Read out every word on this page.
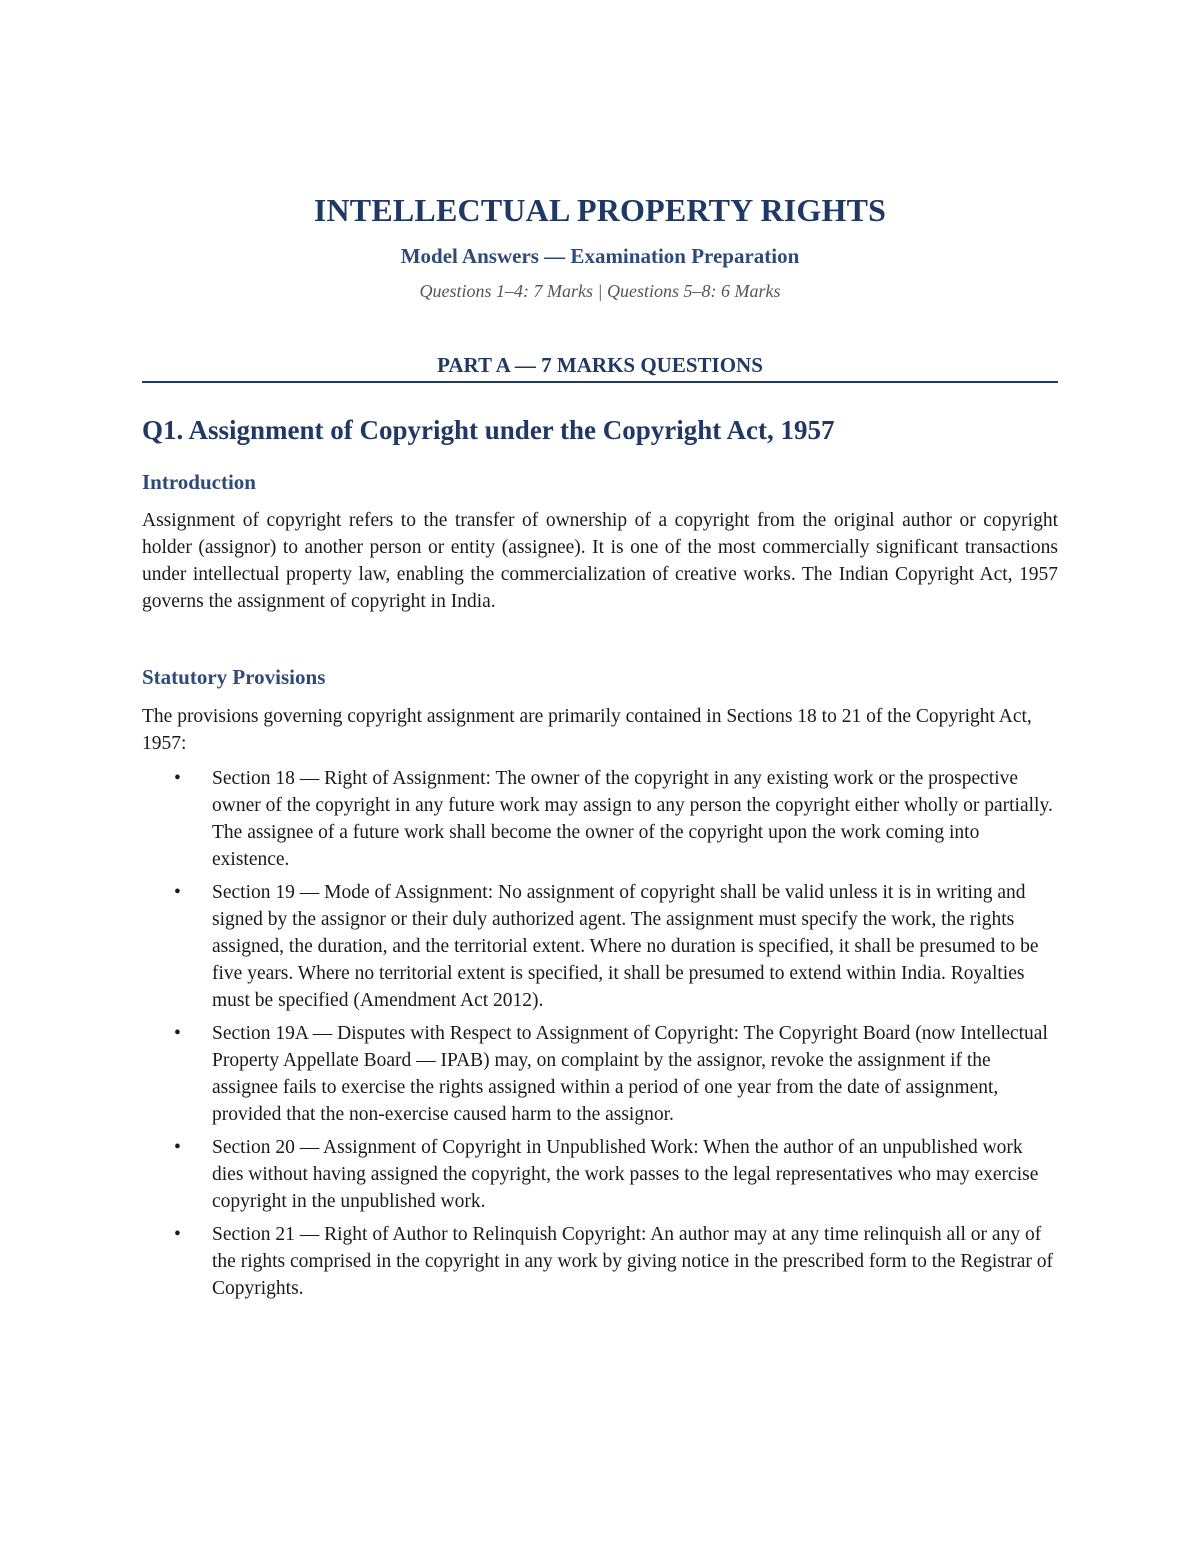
INTELLECTUAL PROPERTY RIGHTS
Model Answers — Examination Preparation
Questions 1–4: 7 Marks | Questions 5–8: 6 Marks
PART A — 7 MARKS QUESTIONS
Q1. Assignment of Copyright under the Copyright Act, 1957
Introduction
Assignment of copyright refers to the transfer of ownership of a copyright from the original author or copyright holder (assignor) to another person or entity (assignee). It is one of the most commercially significant transactions under intellectual property law, enabling the commercialization of creative works. The Indian Copyright Act, 1957 governs the assignment of copyright in India.
Statutory Provisions
The provisions governing copyright assignment are primarily contained in Sections 18 to 21 of the Copyright Act, 1957:
• Section 18 — Right of Assignment: The owner of the copyright in any existing work or the prospective owner of the copyright in any future work may assign to any person the copyright either wholly or partially. The assignee of a future work shall become the owner of the copyright upon the work coming into existence.
• Section 19 — Mode of Assignment: No assignment of copyright shall be valid unless it is in writing and signed by the assignor or their duly authorized agent. The assignment must specify the work, the rights assigned, the duration, and the territorial extent. Where no duration is specified, it shall be presumed to be five years. Where no territorial extent is specified, it shall be presumed to extend within India. Royalties must be specified (Amendment Act 2012).
• Section 19A — Disputes with Respect to Assignment of Copyright: The Copyright Board (now Intellectual Property Appellate Board — IPAB) may, on complaint by the assignor, revoke the assignment if the assignee fails to exercise the rights assigned within a period of one year from the date of assignment, provided that the non-exercise caused harm to the assignor.
• Section 20 — Assignment of Copyright in Unpublished Work: When the author of an unpublished work dies without having assigned the copyright, the work passes to the legal representatives who may exercise copyright in the unpublished work.
• Section 21 — Right of Author to Relinquish Copyright: An author may at any time relinquish all or any of the rights comprised in the copyright in any work by giving notice in the prescribed form to the Registrar of Copyrights.
